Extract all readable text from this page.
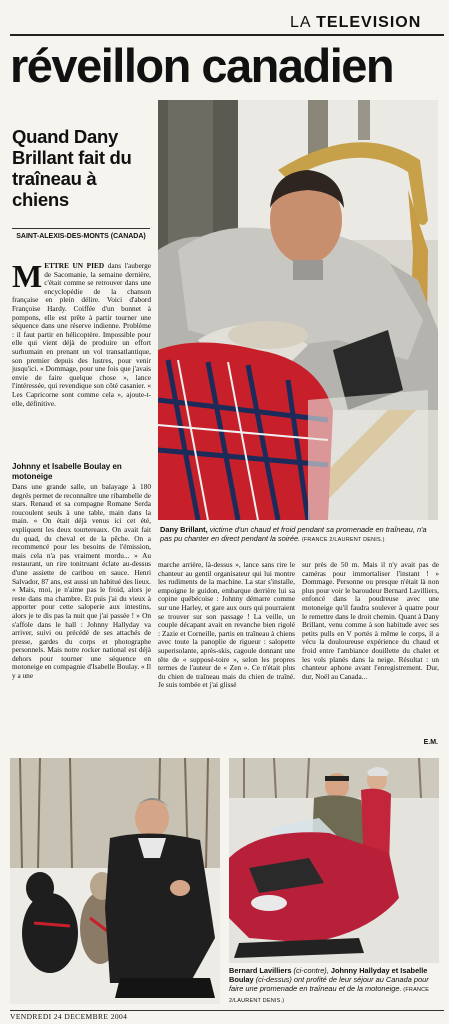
LA TELEVISION
réveillon canadien
Quand Dany Brillant fait du traîneau à chiens
SAINT-ALEXIS-DES-MONTS (CANADA)
METTRE UN PIED dans l'auberge de Sacomanie, la semaine dernière, c'était comme se retrouver dans une encyclopédie de la chanson française en plein délire. Voici d'abord Françoise Hardy. Coiffée d'un bonnet à pompons, elle est prête à partir tourner une séquence dans une réserve indienne. Problème : il faut partir en hélicoptère. Impossible pour elle qui vient déjà de produire un effort surhumain en prenant un vol transatlantique, son premier depuis des lustres, pour venir jusqu'ici. « Dommage, pour une fois que j'avais envie de faire quelque chose », lance l'intéressée, qui revendique son côté casanier. « Les Capricorne sont comme cela », ajoute-t-elle, définitive.
Johnny et Isabelle Boulay en motoneige
Dans une grande salle, un balayage à 180 degrés permet de reconnaître une ribambelle de stars. Renaud et sa compagne Romane Serda roucoulent seuls à une table, main dans la main. « On était déjà venus ici cet été, expliquent les deux tourtereaux. On avait fait du quad, du cheval et de la pêche. On a recommencé pour les besoins de l'émission, mais cela n'a pas vraiment mordu... » Au restaurant, un rire tonitruant éclate au-dessus d'une assiette de caribou en sauce. Henri Salvador, 87 ans, est aussi un habitué des lieux. « Mais, moi, je n'aime pas le froid, alors je reste dans ma chambre. Et puis j'ai du vieux à apporter pour cette saloperie aux intestins, alors je te dis pas la nuit que j'ai passée ! » On s'affole dans le hall : Johnny Hallyday va arriver, suivi ou précédé de ses attachés de presse, gardes du corps et photographe personnels. Mais notre rocker national est déjà dehors pour tourner une séquence en motoneige en compagnie d'Isabelle Boulay. « Il y a une
Dany Brillant, victime d'un chaud et froid pendant sa promenade en traîneau, n'a pas pu chanter en direct pendant la soirée. (FRANCE 2/LAURENT DENIS.)
marche arrière, là-dessus », lance sans rire le chanteur au gentil organisateur qui lui montre les rudiments de la machine. La star s'installe, empoigne le guidon, embarque derrière lui sa copine québécoise : Johnny démarre comme sur une Harley, et gare aux ours qui pourraient se trouver sur son passage ! La veille, un couple décapant avait en revanche bien rigolé : Zazie et Corneille, partis en traîneau à chiens avec toute la panoplie de rigueur : salopette superisolante, après-skis, cagoule donnant une tête de « supposé-toire », selon les propres termes de l'auteur de « Zen ». Ce n'était plus du chien de traîneau mais du chien de traîné. Je suis tombée et j'ai glissé
sur près de 50 m. Mais il n'y avait pas de caméras pour immortaliser l'instant ! » Dommage. Personne ou presque n'était là non plus pour voir le baroudeur Bernard Lavilliers, enfoncé dans la poudreuse avec une motoneige qu'il faudra soulever à quatre pour le remettre dans le droit chemin. Quant à Dany Brillant, venu comme à son habitude avec ses petits pulls en V portés à même le corps, il a vécu la douloureuse expérience du chaud et froid entre l'ambiance douillette du chalet et les vols planés dans la neige. Résultat : un chanteur aphone avant l'enregistrement. Dur, dur, Noël au Canada...
E.M.
Bernard Lavilliers (ci-contre), Johnny Hallyday et Isabelle Boulay (ci-dessus) ont profité de leur séjour au Canada pour faire une promenade en traîneau et de la motoneige. (FRANCE 2/LAURENT DENIS.)
VENDREDI 24 DECEMBRE 2004
